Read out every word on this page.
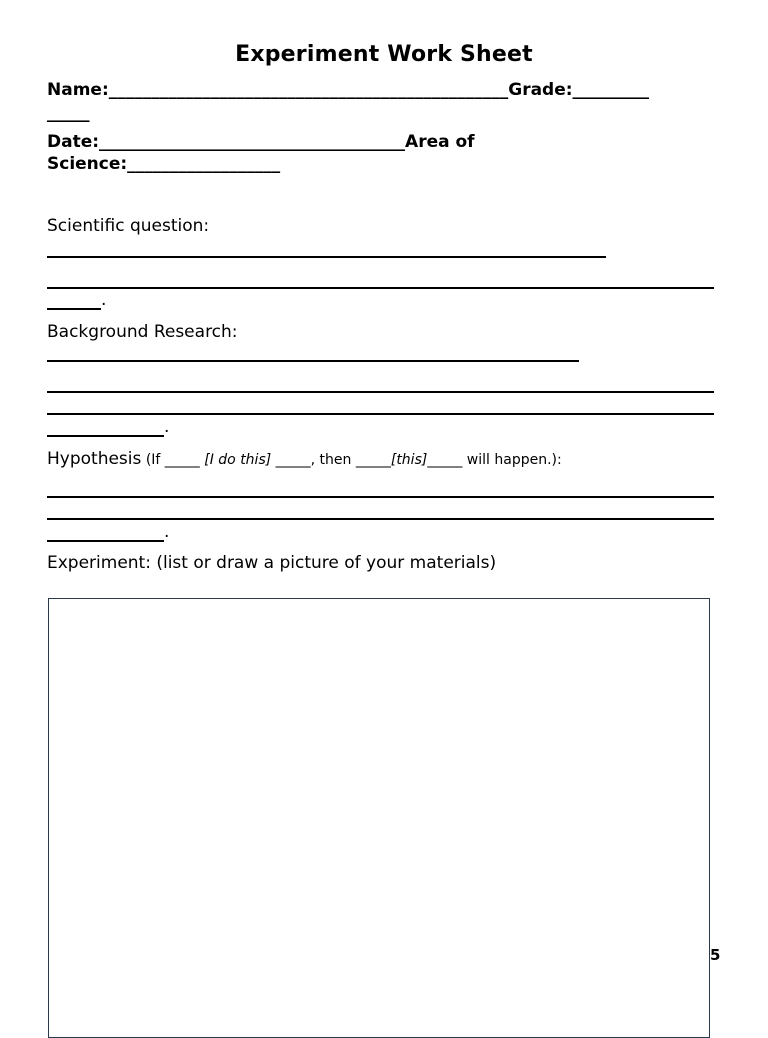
Experiment Work Sheet
Name:_______________________________________________Grade:_________
_____
Date:____________________________________Area of
Science:__________________
Scientific question:
.
Background Research:
.
Hypothesis (If _____ [I do this] _____, then _____[this]_____ will happen.):
.
Experiment: (list or draw a picture of your materials)
5
